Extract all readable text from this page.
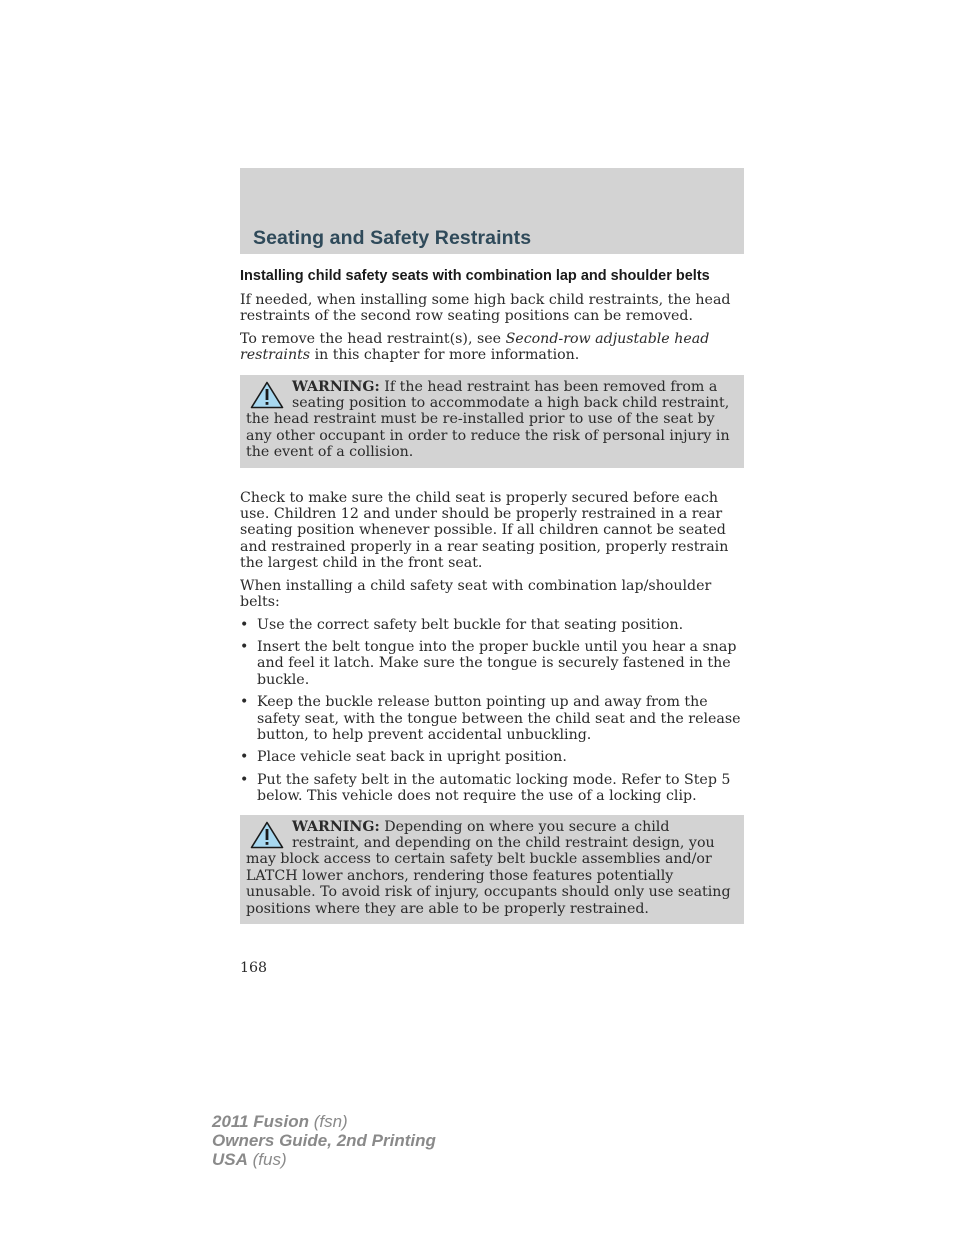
Seating and Safety Restraints
Installing child safety seats with combination lap and shoulder belts

If needed, when installing some high back child restraints, the head restraints of the second row seating positions can be removed.

To remove the head restraint(s), see Second-row adjustable head restraints in this chapter for more information.

WARNING: If the head restraint has been removed from a seating position to accommodate a high back child restraint, the head restraint must be re-installed prior to use of the seat by any other occupant in order to reduce the risk of personal injury in the event of a collision.

Check to make sure the child seat is properly secured before each use. Children 12 and under should be properly restrained in a rear seating position whenever possible. If all children cannot be seated and restrained properly in a rear seating position, properly restrain the largest child in the front seat.

When installing a child safety seat with combination lap/shoulder belts:

• Use the correct safety belt buckle for that seating position.
• Insert the belt tongue into the proper buckle until you hear a snap and feel it latch. Make sure the tongue is securely fastened in the buckle.
• Keep the buckle release button pointing up and away from the safety seat, with the tongue between the child seat and the release button, to help prevent accidental unbuckling.
• Place vehicle seat back in upright position.
• Put the safety belt in the automatic locking mode. Refer to Step 5 below. This vehicle does not require the use of a locking clip.

WARNING: Depending on where you secure a child restraint, and depending on the child restraint design, you may block access to certain safety belt buckle assemblies and/or LATCH lower anchors, rendering those features potentially unusable. To avoid risk of injury, occupants should only use seating positions where they are able to be properly restrained.

168
2011 Fusion (fsn)
Owners Guide, 2nd Printing
USA (fus)
